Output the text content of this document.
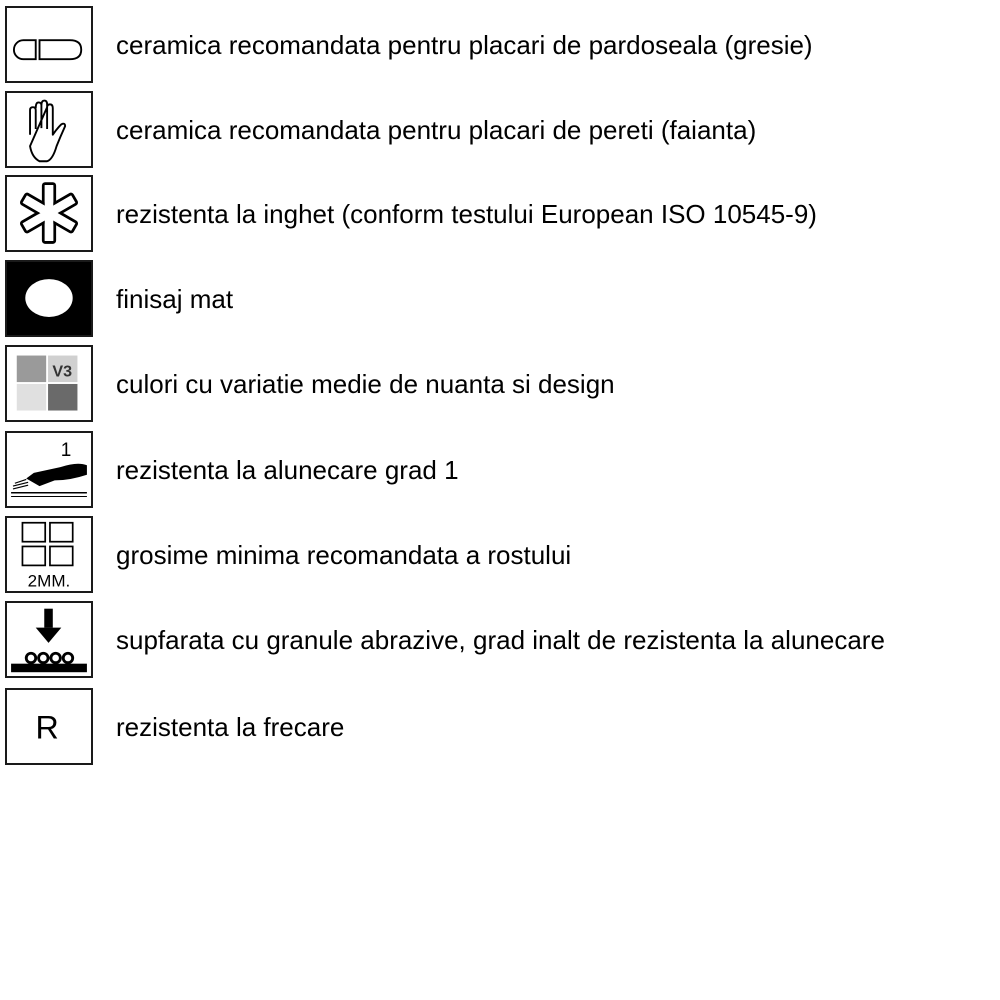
ceramica recomandata pentru placari de pardoseala (gresie)
ceramica recomandata pentru placari de pereti (faianta)
rezistenta la inghet (conform testului European ISO 10545-9)
finisaj mat
V3 culori cu variatie medie de nuanta si design
1
rezistenta la alunecare grad 1
2MM.
grosime minima recomandata a rostului
supfarata cu granule abrazive, grad inalt de rezistenta la alunecare
R rezistenta la frecare
